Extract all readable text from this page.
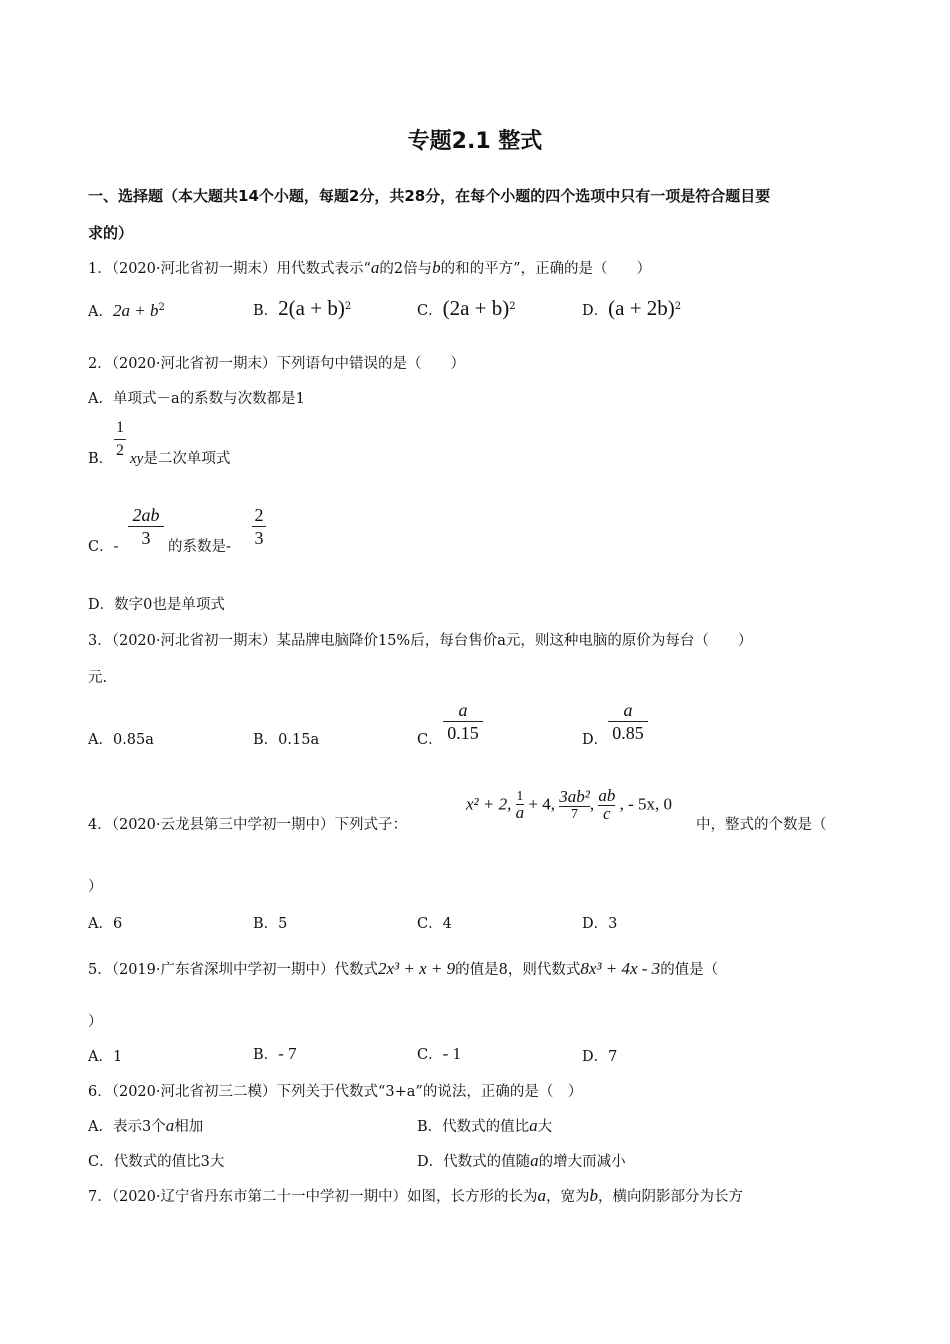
专题2.1 整式
一、选择题（本大题共14个小题，每题2分，共28分，在每个小题的四个选项中只有一项是符合题目要
求的）
1．（2020·河北省初一期末）用代数式表示“a的2倍与b的和的平方”，正确的是（　　）
A．$2a + b^2$	B．$2(a + b)^2$	C．$(2a + b)^2$	D．$(a + 2b)^2$
2．（2020·河北省初一期末）下列语句中错误的是（　　）
A．单项式－a的系数与次数都是1
B．
1
2 xy是二次单项式
C．-
2ab
3	的系数是-
2
3
D．数字0也是单项式
3．（2020·河北省初一期末）某品牌电脑降价15%后，每台售价a元，则这种电脑的原价为每台（　　）
元.
A．0.85a	B．0.15a	C．
a
0.15	D．
a
0.85
4．（2020·云龙县第三中学初一期中）下列式子：
x² + 2, 1
a + 4, 3ab²
7, $\frac{ab}{c}$ , - 5x, 0
中，整式的个数是（
）
A．6	B．5	C．4	D．3
5．（2019·广东省深圳中学初一期中）代数式2x³ + x + 9的值是8，则代数式8x³ + 4x - 3的值是（
）
A．1	B．- 7	C．- 1	D．7
6．（2020·河北省初三二模）下列关于代数式“3+a”的说法，正确的是（　）
A．表示3个a相加	B．代数式的值比a大
C．代数式的值比3大	D．代数式的值随a的增大而减小
7．（2020·辽宁省丹东市第二十一中学初一期中）如图，长方形的长为a，宽为b，横向阴影部分为长方
